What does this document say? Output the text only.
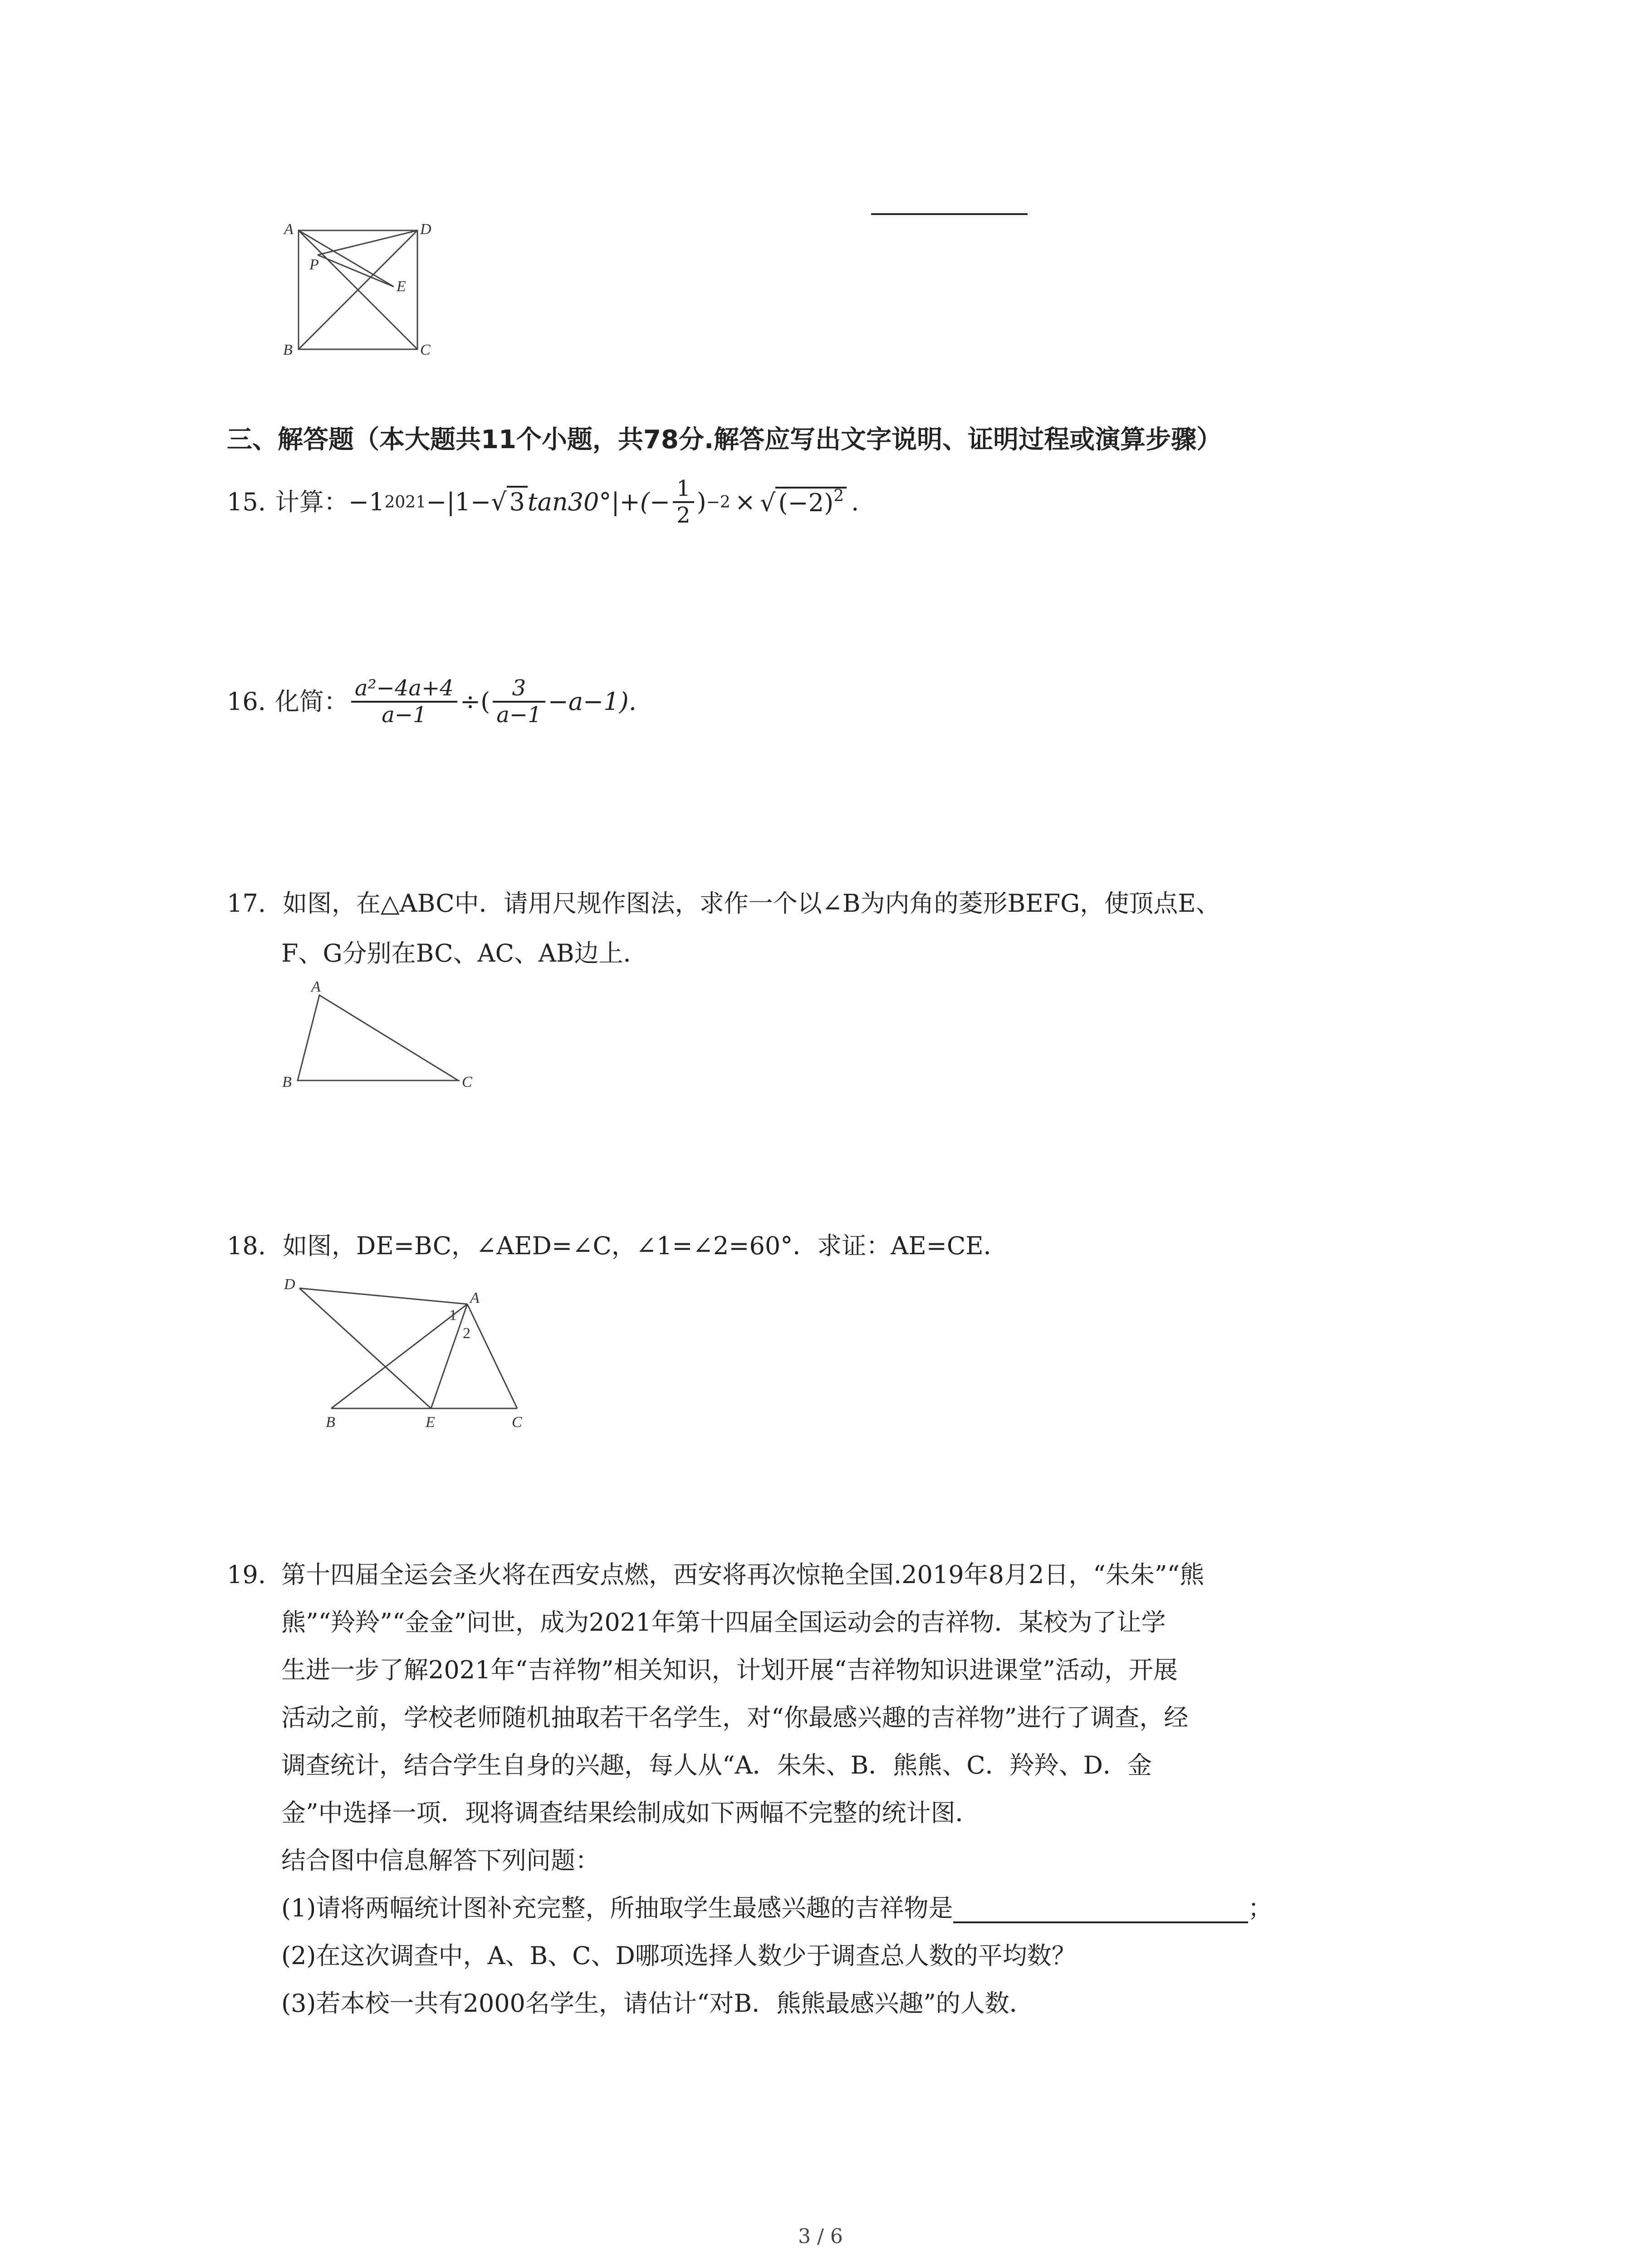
A	D
P
E
B	C
三、解答题（本大题共11个小题，共78分.解答应写出文字说明、证明过程或演算步骤）
15. 计算：−1 2021 −|1− √ 3 $\tan 30^\circ|+(- \frac{1}{2}$ ) −2 × √ $(-2)^2$ .
16. 化简： $\frac{\text{a²−4a+4}}{a-1}$ ÷( $\frac{3}{a-1} -a-1$).
17. 如图，在△ABC中．请用尺规作图法，求作一个以∠B为内角的菱形BEFG，使顶点E、
F、G分别在BC、AC、AB边上．
A
B	C
18. 如图，DE=BC，∠AED=∠C，∠1=∠2=60°．求证：AE=CE．
D
A
1
2
B	E	C
19. 第十四届全运会圣火将在西安点燃，西安将再次惊艳全国.2019年8月2日，“朱朱”“熊
熊”“羚羚”“金金”问世，成为2021年第十四届全国运动会的吉祥物．某校为了让学
生进一步了解2021年“吉祥物”相关知识，计划开展“吉祥物知识进课堂”活动，开展
活动之前，学校老师随机抽取若干名学生，对“你最感兴趣的吉祥物”进行了调查，经
调查统计，结合学生自身的兴趣，每人从“A．朱朱、B．熊熊、C．羚羚、D．金
金”中选择一项．现将调查结果绘制成如下两幅不完整的统计图．
结合图中信息解答下列问题：
(1)请将两幅统计图补充完整，所抽取学生最感兴趣的吉祥物是	；
(2)在这次调查中，A、B、C、D哪项选择人数少于调查总人数的平均数？
(3)若本校一共有2000名学生，请估计“对B．熊熊最感兴趣”的人数．
3 / 6
